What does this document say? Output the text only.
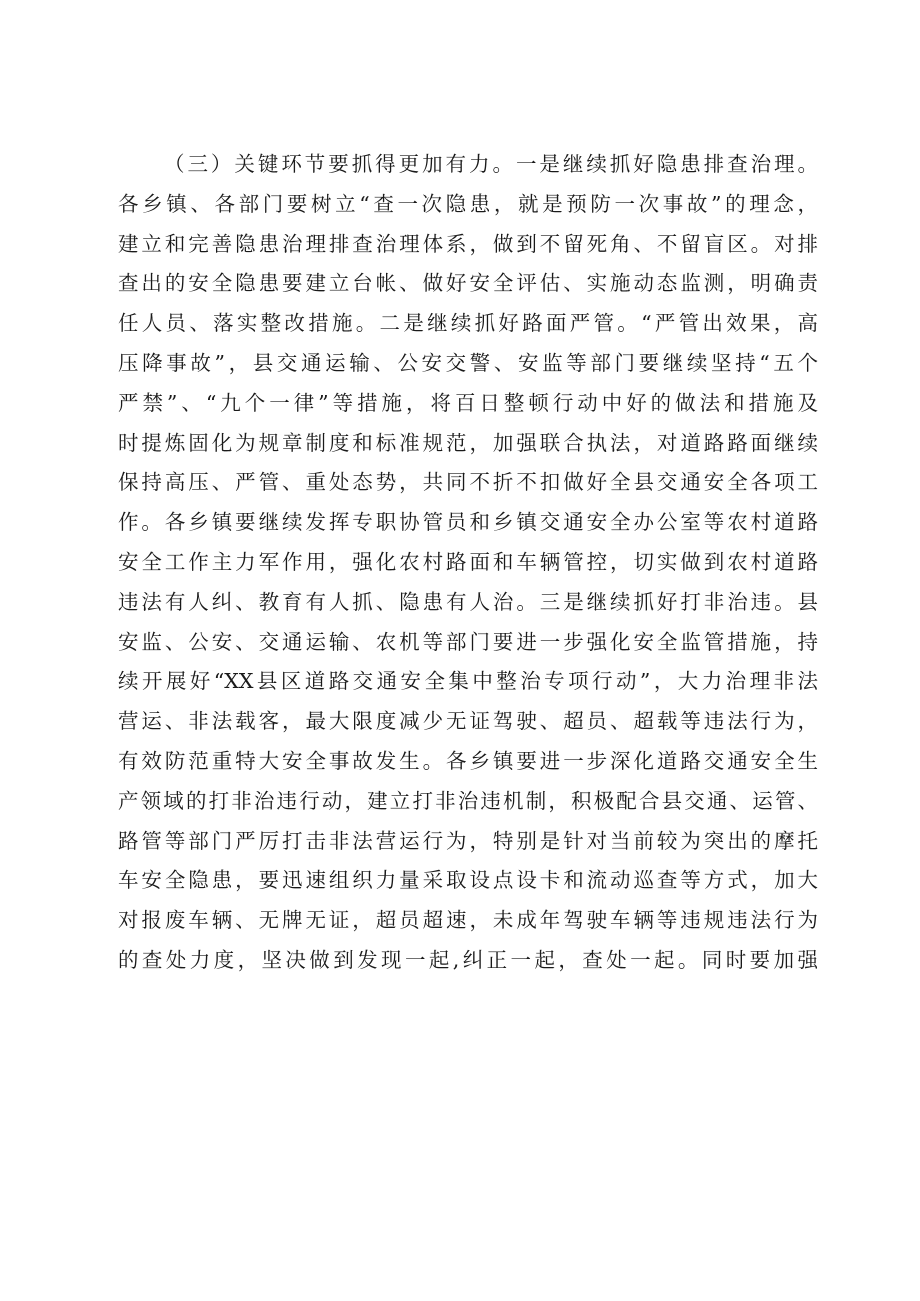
（三）关键环节要抓得更加有力。一是继续抓好隐患排查治理。
各乡镇、各部门要树立“查一次隐患，就是预防一次事故”的理念，
建立和完善隐患治理排查治理体系，做到不留死角、不留盲区。对排
查出的安全隐患要建立台帐、做好安全评估、实施动态监测，明确责
任人员、落实整改措施。二是继续抓好路面严管。“严管出效果，高
压降事故”，县交通运输、公安交警、安监等部门要继续坚持“五个
严禁”、“九个一律”等措施，将百日整顿行动中好的做法和措施及
时提炼固化为规章制度和标准规范，加强联合执法，对道路路面继续
保持高压、严管、重处态势，共同不折不扣做好全县交通安全各项工
作。各乡镇要继续发挥专职协管员和乡镇交通安全办公室等农村道路
安全工作主力军作用，强化农村路面和车辆管控，切实做到农村道路
违法有人纠、教育有人抓、隐患有人治。三是继续抓好打非治违。县
安监、公安、交通运输、农机等部门要进一步强化安全监管措施，持
续开展好“XX县区道路交通安全集中整治专项行动”，大力治理非法
营运、非法载客，最大限度减少无证驾驶、超员、超载等违法行为，
有效防范重特大安全事故发生。各乡镇要进一步深化道路交通安全生
产领域的打非治违行动，建立打非治违机制，积极配合县交通、运管、
路管等部门严厉打击非法营运行为，特别是针对当前较为突出的摩托
车安全隐患，要迅速组织力量采取设点设卡和流动巡查等方式，加大
对报废车辆、无牌无证，超员超速，未成年驾驶车辆等违规违法行为
的查处力度，坚决做到发现一起,纠正一起，查处一起。同时要加强
